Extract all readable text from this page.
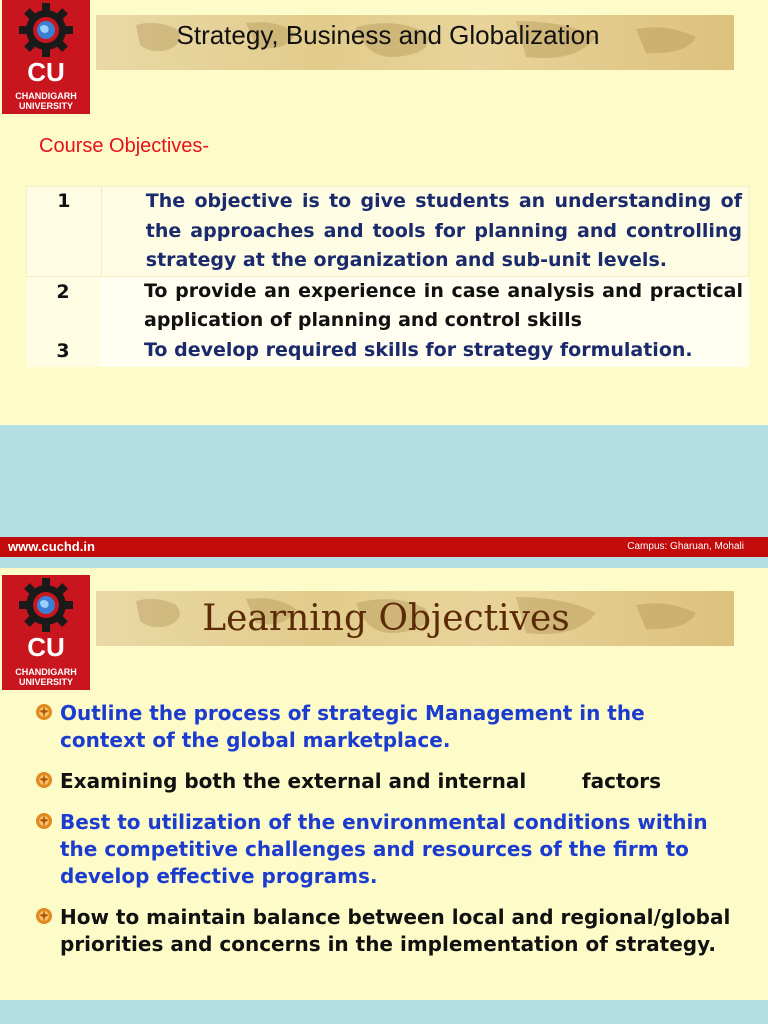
Strategy, Business and Globalization
CU
CHANDIGARH
UNIVERSITY
Course Objectives-
1	The objective is to give students an understanding of the approaches and tools for planning and controlling strategy at the organization and sub-unit levels.
2	To provide an experience in case analysis and practical application of planning and control skills
3	To develop required skills for strategy formulation.
www.cuchd.in	Campus: Gharuan, Mohali
Learning Objectives
CU
CHANDIGARH
UNIVERSITY
Outline the process of strategic Management in the context of the global marketplace.
Examining both the external and internal        factors
Best to utilization of the environmental conditions within the competitive challenges and resources of the firm to develop effective programs.
How to maintain balance between local and regional/global priorities and concerns in the implementation of strategy.
